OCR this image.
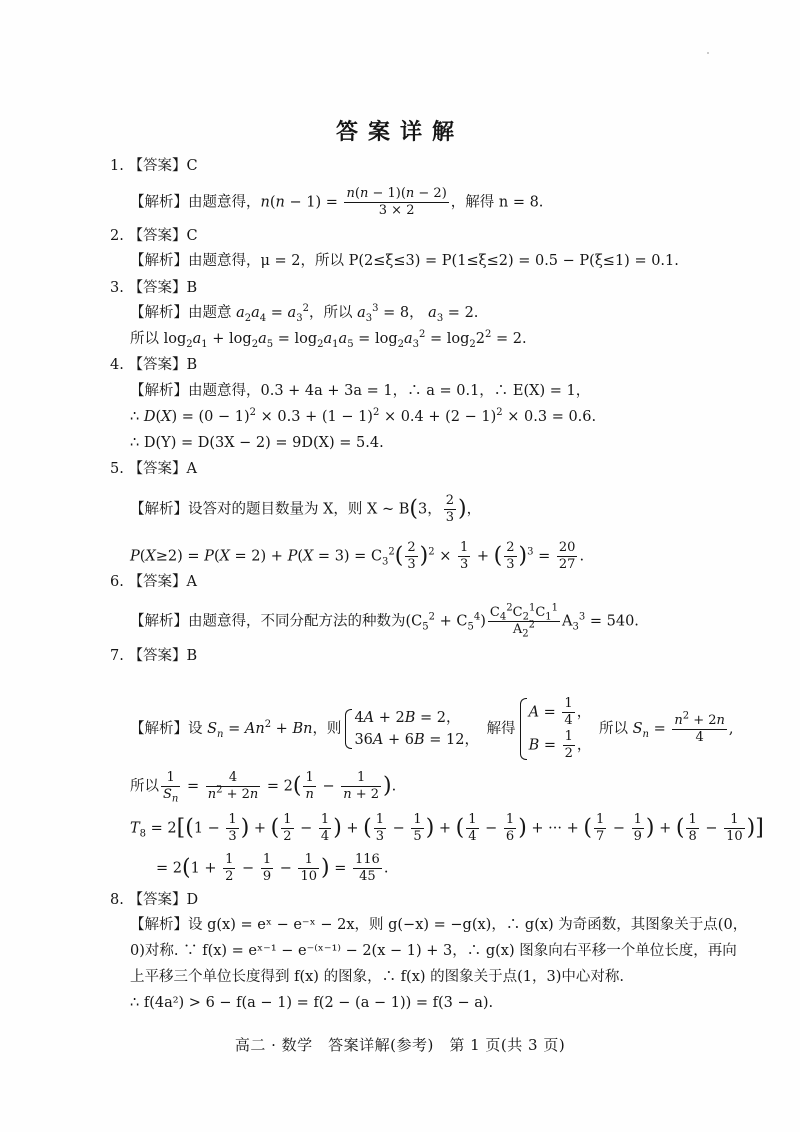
答案详解
1. 【答案】C
【解析】由题意得，$n(n - 1) = \frac{n(n - 1)(n - 2)}{3 \times 2}$ ，解得 n = 8.
2. 【答案】C
【解析】由题意得，μ = 2，所以 P(2≤ξ≤3) = P(1≤ξ≤2) = 0.5 − P(ξ≤1) = 0.1.
3. 【答案】B
【解析】由题意 $a_2a_4 = a_3^2$，所以 $a_3^3 = 8$， $a_3 = 2$.
所以 $\log_2a_1 + \log_2a_5 = \log_2a_1a_5 = \log_2a_3^2 = \log_22^2 = 2$.
4. 【答案】B
【解析】由题意得，0.3 + 4a + 3a = 1，∴ a = 0.1，∴ E(X) = 1，
∴ $D(X) = (0 - 1)^2 \times 0.3 + (1 - 1)^2 \times 0.4 + (2 - 1)^2 \times 0.3 = 0.6$.
∴ D(Y) = D(3X − 2) = 9D(X) = 5.4.
5. 【答案】A
【解析】设答对的题目数量为 X，则 X ~ B(3， $\frac{2}{3}$ )，
$P(X\ge 2) = P(X = 2) + P(X = 3) = C_3^2( \frac{2}{3} )^2 \times \frac{1}{3}$ + ( $\frac{2}{3} )^3 = \frac{20}{27}$ .
6. 【答案】A
【解析】由题意得，不同分配方法的种数为$(C_5^2 + C_5^4) \frac{C_4^2C_2^1C_1^1}{A_2^2} A_3^3 = 540$.
7. 【答案】B
【解析】设 $S_n = An^2 + Bn$，则
4A + 2B = 2，
36A + 6B = 12，
解得
$A = \frac{1}{4}$ ，
$B = \frac{1}{2}$ ，
所以 $S_n = \frac{n^2 + 2n}{4}$ ,
所以 $\frac{1}{S_n} = \frac{4}{n^2 + 2n} = 2( \frac{1}{n} - \frac{1}{n + 2}$ ).
$T_8 = 2[(1 - \frac{1}{3}$ ) + ( $\frac{1}{2} - \frac{1}{4}$ ) + ( $\frac{1}{3} - \frac{1}{5}$ ) + ( $\frac{1}{4} - \frac{1}{6}$ ) + ··· + ( $\frac{1}{7} - \frac{1}{9}$ ) + ( $\frac{1}{8} - \frac{1}{10}$ )]
= $2(1 + \frac{1}{2} - \frac{1}{9} - \frac{1}{10}$ ) = $\frac{116}{45}$ .
8. 【答案】D
【解析】设 g(x) = eˣ − e⁻ˣ − 2x，则 g(−x) = −g(x)，∴ g(x) 为奇函数，其图象关于点(0，
0)对称. ∵ f(x) = eˣ⁻¹ − e⁻⁽ˣ⁻¹⁾ − 2(x − 1) + 3，∴ g(x) 图象向右平移一个单位长度，再向
上平移三个单位长度得到 f(x) 的图象，∴ f(x) 的图象关于点(1，3)中心对称.
∴ f(4a²) > 6 − f(a − 1) = f(2 − (a − 1)) = f(3 − a).
高二 · 数学　答案详解(参考)　第 1 页(共 3 页)
